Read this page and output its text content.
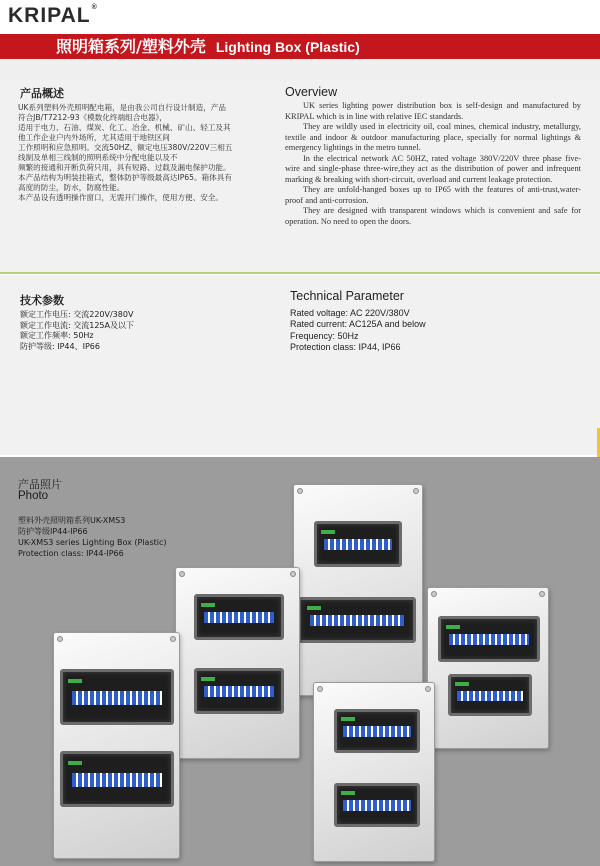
KRIPAL®
照明箱系列/塑料外壳 Lighting Box (Plastic)
产品概述	Overview
UK系列塑料外壳照明配电箱，是由我公司自行设计制造，产品
符合JB/T7212-93《模数化终端组合电器》，
适用于电力、石油、煤炭、化工、冶金、机械、矿山、轻工及其
他工作企业户内外场所，尤其适用于地铁区间
工作照明和应急照明。交流50HZ、额定电压380V/220V三相五
线制及单相三线制的照明系统中分配电能以及不
频繁的接通和开断负荷只用，具有短路、过载及漏电保护功能。
本产品结构为明装挂箱式，整体防护等级最高达IP65。箱体具有
高度的防尘，防水，防腐性能。
本产品设有透明操作窗口，无需开门操作，使用方便、安全。

UK series lighting power distribution box is self-design and manufactured by KRIPAL which is in line with relative IEC standards.

They are wildly used in electricity oil, coal mines, chemical industry, metallurgy, textile and indoor & outdoor manufacturing place, specially for normal lightings & emergency lightings in the metro tunnel.

In the electrical network AC 50HZ, rated voltage 380V/220V three phase five-wire and single-phase three-wire,they act as the distribution of power and infrequent marking & breaking with short-circuit, overload and current leakage protection.

They are unfold-hanged boxes up to IP65 with the features of anti-trust,water-proof and anti-corrosion.

They are designed with transparent windows which is convenient and safe for operation. No need to open the doors.

技术参数	Technical Parameter
额定工作电压: 交流220V/380V
额定工作电流: 交流125A及以下
额定工作频率: 50Hz
防护等级: IP44、IP66
Rated voltage: AC 220V/380V
Rated current: AC125A and below
Frequency: 50Hz
Protection class: IP44, IP66
产品照片
Photo
塑料外壳照明箱系列UK-XMS3
防护等级IP44-IP66
UK-XMS3 series Lighting Box (Plastic)
Protection class: IP44-IP66
